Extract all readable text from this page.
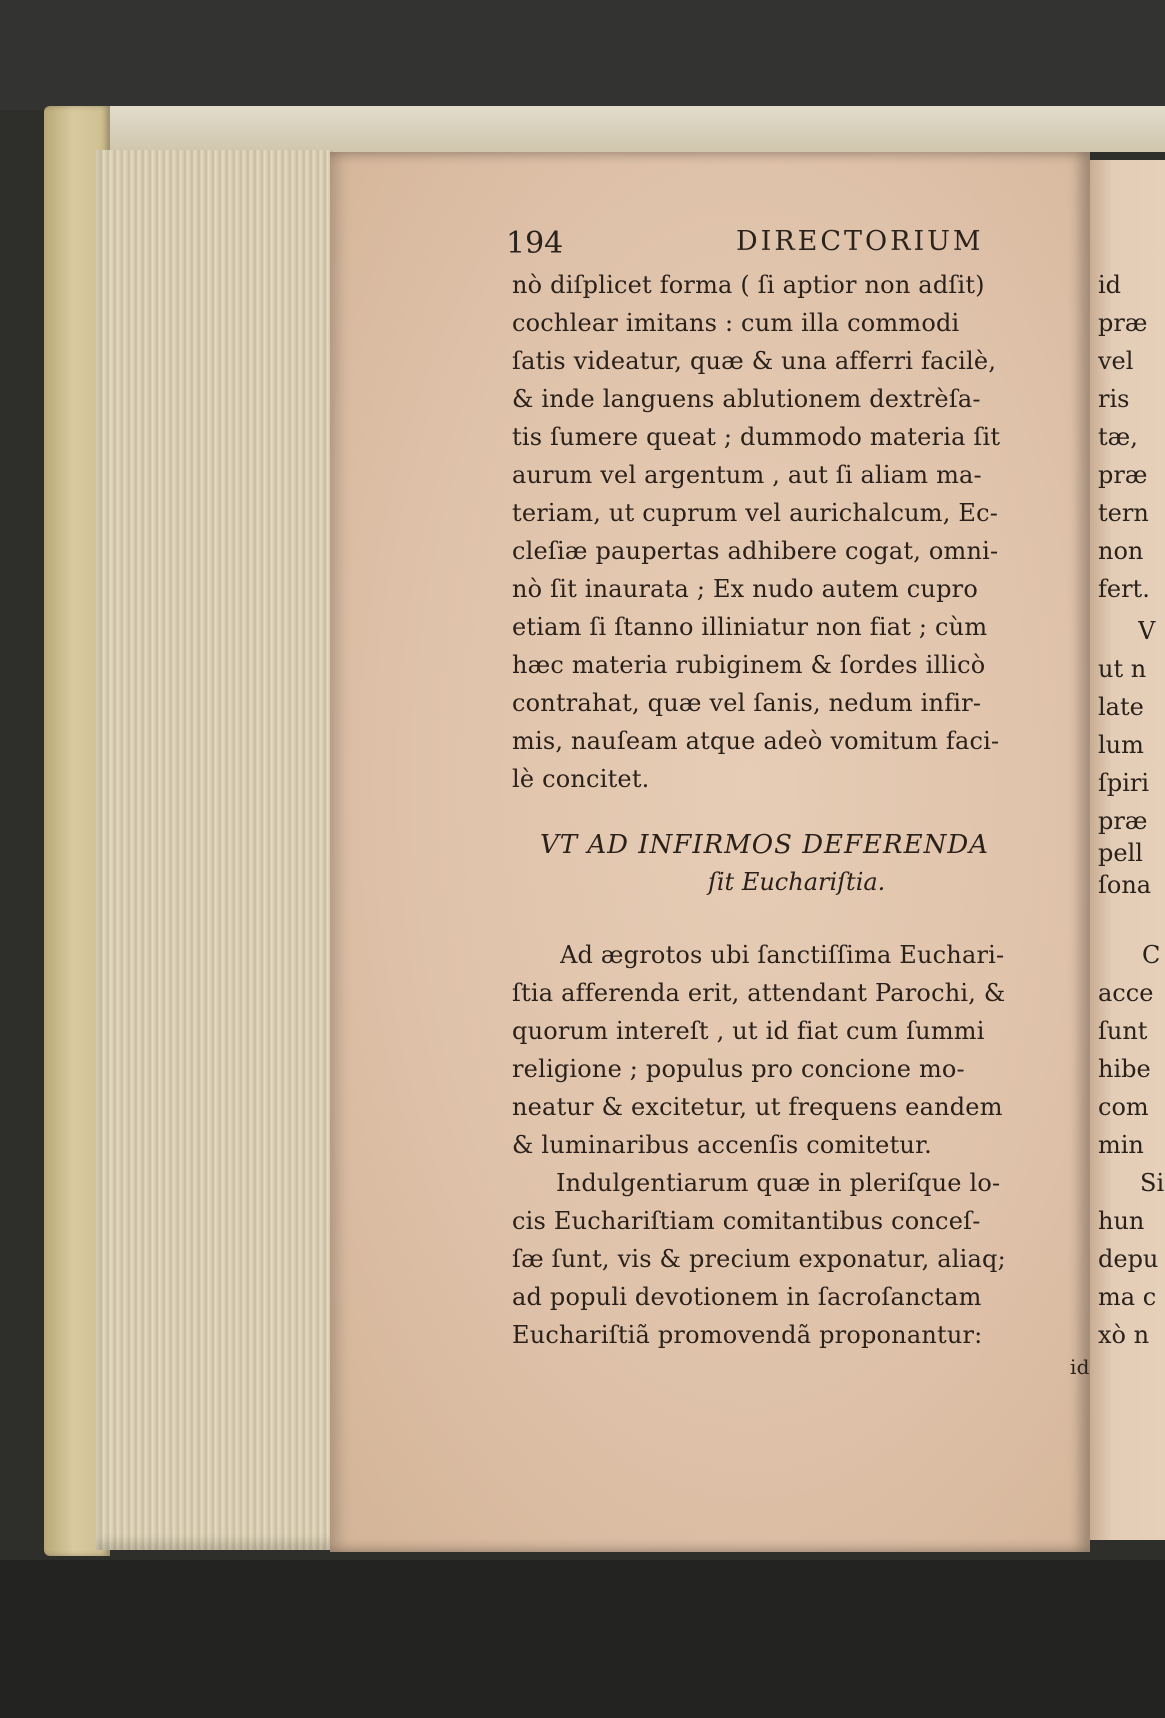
194	DIRECTORIUM
nò diſplicet forma ( ſi aptior non adſit)
cochlear imitans : cum illa commodi
ſatis videatur, quæ & una afferri facilè,
& inde languens ablutionem dextrèſa-
tis ſumere queat ; dummodo materia ſit
aurum vel argentum , aut ſi aliam ma-
teriam, ut cuprum vel aurichalcum, Ec-
cleſiæ paupertas adhibere cogat, omni-
nò ſit inaurata ; Ex nudo autem cupro
etiam ſi ſtanno illiniatur non fiat ; cùm
hæc materia rubiginem & ſordes illicò
contrahat, quæ vel ſanis, nedum infir-
mis, nauſeam atque adeò vomitum faci-
lè concitet.
VT AD INFIRMOS DEFERENDA
ſit Euchariſtia.
Ad ægrotos ubi ſanctiſſima Euchari-
ſtia afferenda erit, attendant Parochi, &
quorum intereſt , ut id fiat cum ſummi
religione ; populus pro concione mo-
neatur & excitetur, ut frequens eandem
& luminaribus accenſis comitetur.
Indulgentiarum quæ in pleriſque lo-
cis Euchariſtiam comitantibus conceſ-
ſæ ſunt, vis & precium exponatur, aliaq;
ad populi devotionem in ſacroſanctam
Euchariſtiã promovendã proponantur:
id
id
præ
vel
ris
tæ,
præ
tern
non
fert.
V
ut n
late
lum
ſpiri
præ
pell
ſona
C
acce
ſunt
hibe
com
min
Si
hun
depu
ma c
xò n
